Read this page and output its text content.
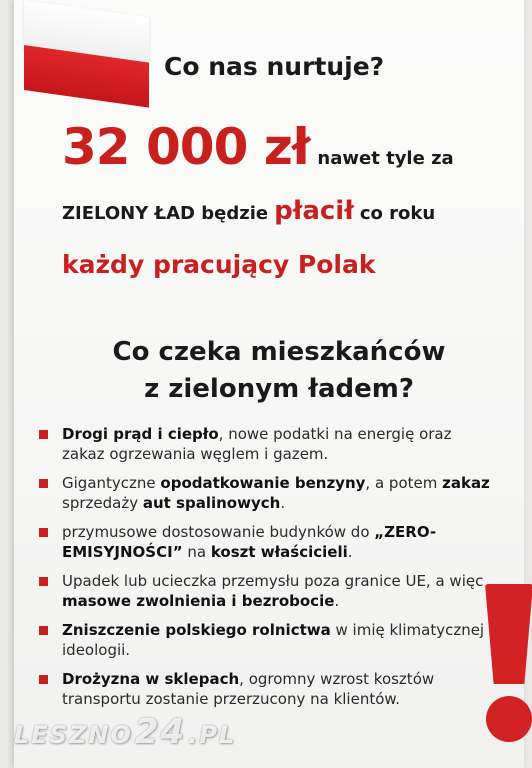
Co nas nurtuje?
32 000 zł nawet tyle za
ZIELONY ŁAD będzie płacił co roku
każdy pracujący Polak
Co czeka mieszkańców
z zielonym ładem?
Drogi prąd i ciepło, nowe podatki na energię oraz zakaz ogrzewania węglem i gazem.
Gigantyczne opodatkowanie benzyny, a potem zakaz sprzedaży aut spalinowych.
przymusowe dostosowanie budynków do „ZERO-EMISYJNOŚCI” na koszt właścicieli.
Upadek lub ucieczka przemysłu poza granice UE, a więc masowe zwolnienia i bezrobocie.
Zniszczenie polskiego rolnictwa w imię klimatycznej ideologii.
Drożyzna w sklepach, ogromny wzrost kosztów transportu zostanie przerzucony na klientów.
LESZNO24.PL
